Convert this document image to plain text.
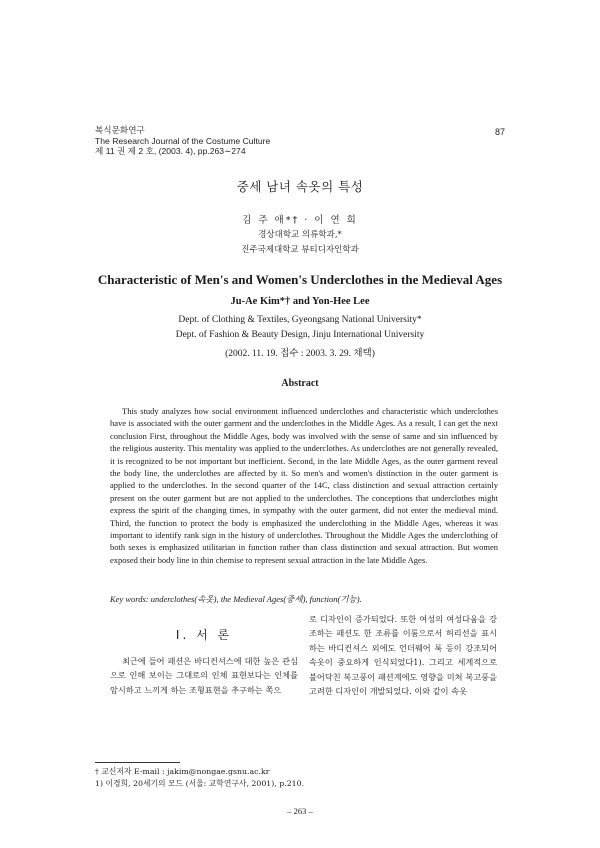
복식문화연구
The Research Journal of the Costume Culture
제 11 권 제 2 호, (2003. 4), pp.263∼274
87
중세 남녀 속옷의 특성
김 주 애*† · 이 연 희
경상대학교 의류학과,*
진주국제대학교 뷰티디자인학과
Characteristic of Men's and Women's Underclothes in the Medieval Ages
Ju-Ae Kim*† and Yon-Hee Lee
Dept. of Clothing & Textiles, Gyeongsang National University*
Dept. of Fashion & Beauty Design, Jinju International University
(2002. 11. 19. 접수 : 2003. 3. 29. 채택)
Abstract
This study analyzes how social environment influenced underclothes and characteristic which underclothes have is associated with the outer garment and the underclothes in the Middle Ages. As a result, I can get the next conclusion First, throughout the Middle Ages, body was involved with the sense of same and sin influenced by the religious austerity. This mentality was applied to the underclothes. As underclothes are not generally revealed, it is recognized to be not important but inefficient. Second, in the late Middle Ages, as the outer garment reveal the body line, the underclothes are affected by it. So men's and women's distinction in the outer garment is applied to the underclothes. In the second quarter of the 14C, class distinction and sexual attraction certainly present on the outer garment but are not applied to the underclothes. The conceptions that underclothes might express the spirit of the changing times, in sympathy with the outer garment, did not enter the medieval mind. Third, the function to protect the body is emphasized the underclothing in the Middle Ages, whereas it was important to identify rank sign in the history of underclothes. Throughout the Middle Ages the underclothing of both sexes is emphasized utilitarian in function rather than class distinction and sexual attraction. But women exposed their body line in thin chemise to represent sexual attraction in the late Middle Ages.
Key words: underclothes(속옷), the Medieval Ages(중세), function(기능).
Ⅰ. 서 론
최근에 들어 패션은 바디컨셔스에 대한 높은 관심으로 인해 보이는 그대로의 인체 표현보다는 인체를 암시하고 느끼게 하는 조형표현을 추구하는 쪽으
로 디자인이 증가되었다. 또한 여성의 여성다움을 강조하는 패션도 한 조류를 이룸으로서 허리선을 표시하는 바디컨셔스 외에도 언더웨어 룩 등이 강조되어 속옷이 중요하게 인식되었다1). 그리고 세계적으로 불어닥친 복고풍이 패션계에도 영향을 미쳐 복고풍을 고려한 디자인이 개발되었다. 이와 같이 속옷
† 교신저자 E-mail : jakim@nongae.gsnu.ac.kr
1) 이경희, 20세기의 모드 (서울: 교학연구사, 2001), p.210.
– 263 –
